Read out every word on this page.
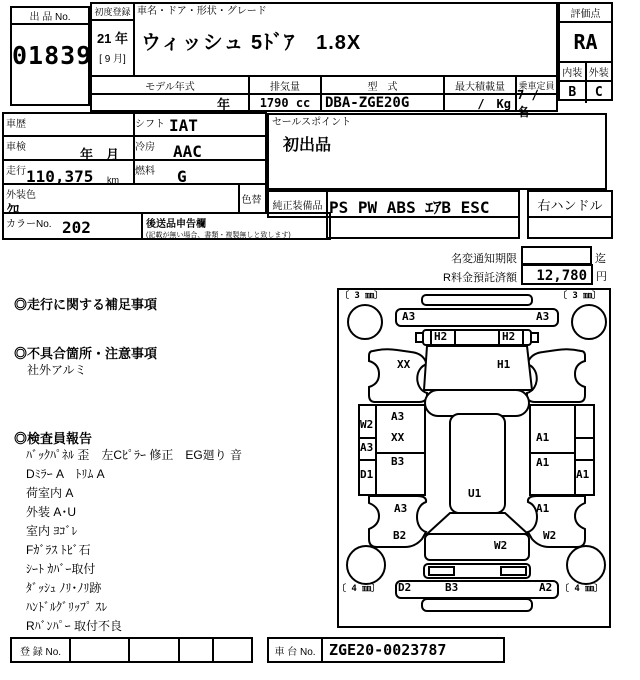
出 品 No.
01839
初度登録
21 年
[ 9 月]
車名・ドア・形状・グレード
ウィッシュ 5ﾄﾞｱ　1.8X
モデル年式
年
排気量
1790 cc
型　式
DBA-ZGE20G
最大積載量
/　Kg
乗車定員
7 /　名
評価点
RA
内装 外装
B	C
車歴	シフト IAT
車検	年　月 冷房 AAC
走行 110,375 km
燃料 G
外装色
ｸﾛ
色替
カラーNo. 202	後送品申告欄
(記載が無い場合、書類・複製無しと致します)
セールスポイント
初出品
純正装備品 PS PW ABS ｴｱB ESC	右ハンドル
名変通知期限	迄
R料金預託済額 12,780 円
◎走行に関する補足事項
◎不具合箇所・注意事項
社外アルミ
◎検査員報告
ﾊﾞｯｸﾊﾟﾈﾙ 歪　左Cﾋﾟﾗｰ 修正　EG廻り 音
Dﾐﾗｰ A　ﾄﾘﾑ A
荷室内 A
外装 A･U
室内 ﾖｺﾞﾚ
Fｶﾞﾗｽ ﾄﾋﾞ石
ｼｰﾄ ｶﾊﾞｰ取付
ﾀﾞｯｼｭ ﾉﾘ･ﾉﾘ跡
ﾊﾝﾄﾞﾙｸﾞﾘｯﾌﾟ ｽﾚ
Rﾊﾞﾝﾊﾟｰ 取付不良
〔 3 ㎜〕	〔 3 ㎜〕
A3	A3
H2	H2
XX	H1
W2
A3
D1
A3
XX
B3
U1
A1
A1
A1
A3
B2
A1
W2
W2
D2	B3	A2
〔 4 ㎜〕	〔 4 ㎜〕
登 録 No.	車 台 No. ZGE20-0023787
